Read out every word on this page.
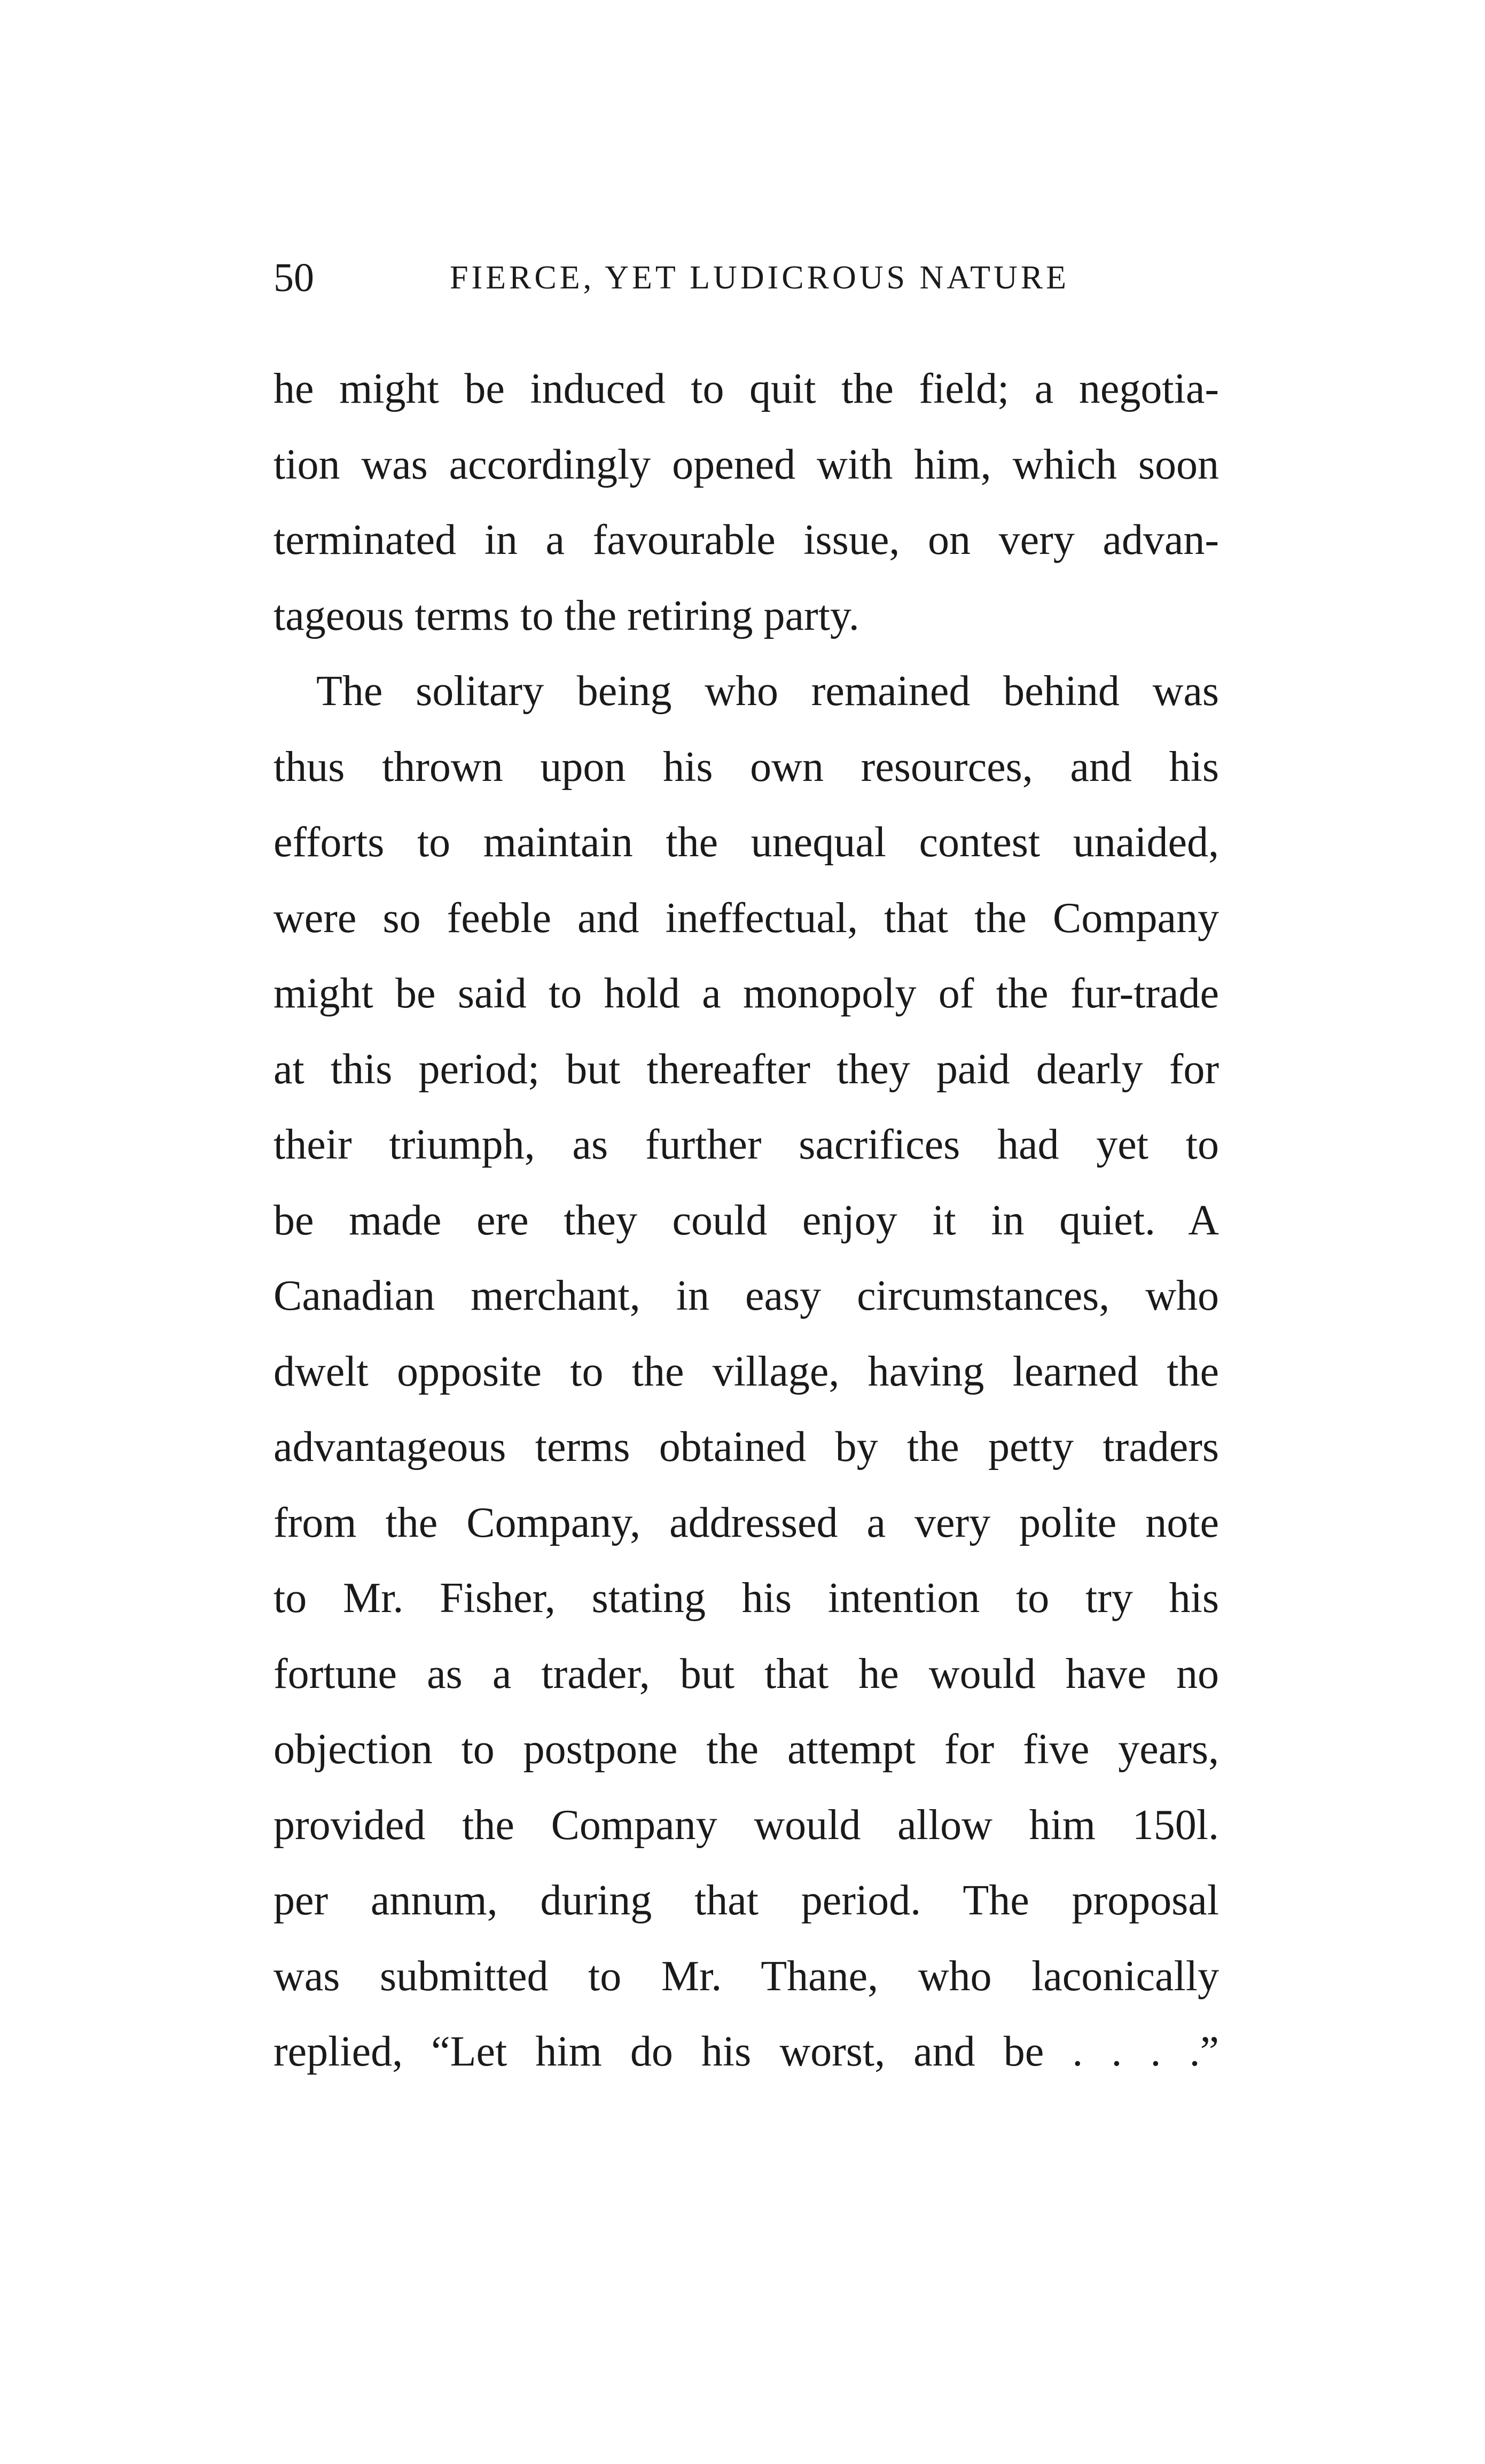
50	FIERCE, YET LUDICROUS NATURE
he might be induced to quit the field; a negotia-
tion was accordingly opened with him, which soon
terminated in a favourable issue, on very advan-
tageous terms to the retiring party.
The solitary being who remained behind was
thus thrown upon his own resources, and his
efforts to maintain the unequal contest unaided,
were so feeble and ineffectual, that the Company
might be said to hold a monopoly of the fur-trade
at this period; but thereafter they paid dearly for
their triumph, as further sacrifices had yet to
be made ere they could enjoy it in quiet. A
Canadian merchant, in easy circumstances, who
dwelt opposite to the village, having learned the
advantageous terms obtained by the petty traders
from the Company, addressed a very polite note
to Mr. Fisher, stating his intention to try his
fortune as a trader, but that he would have no
objection to postpone the attempt for five years,
provided the Company would allow him 150l.
per annum, during that period. The proposal
was submitted to Mr. Thane, who laconically
replied, “Let him do his worst, and be . . . .”
